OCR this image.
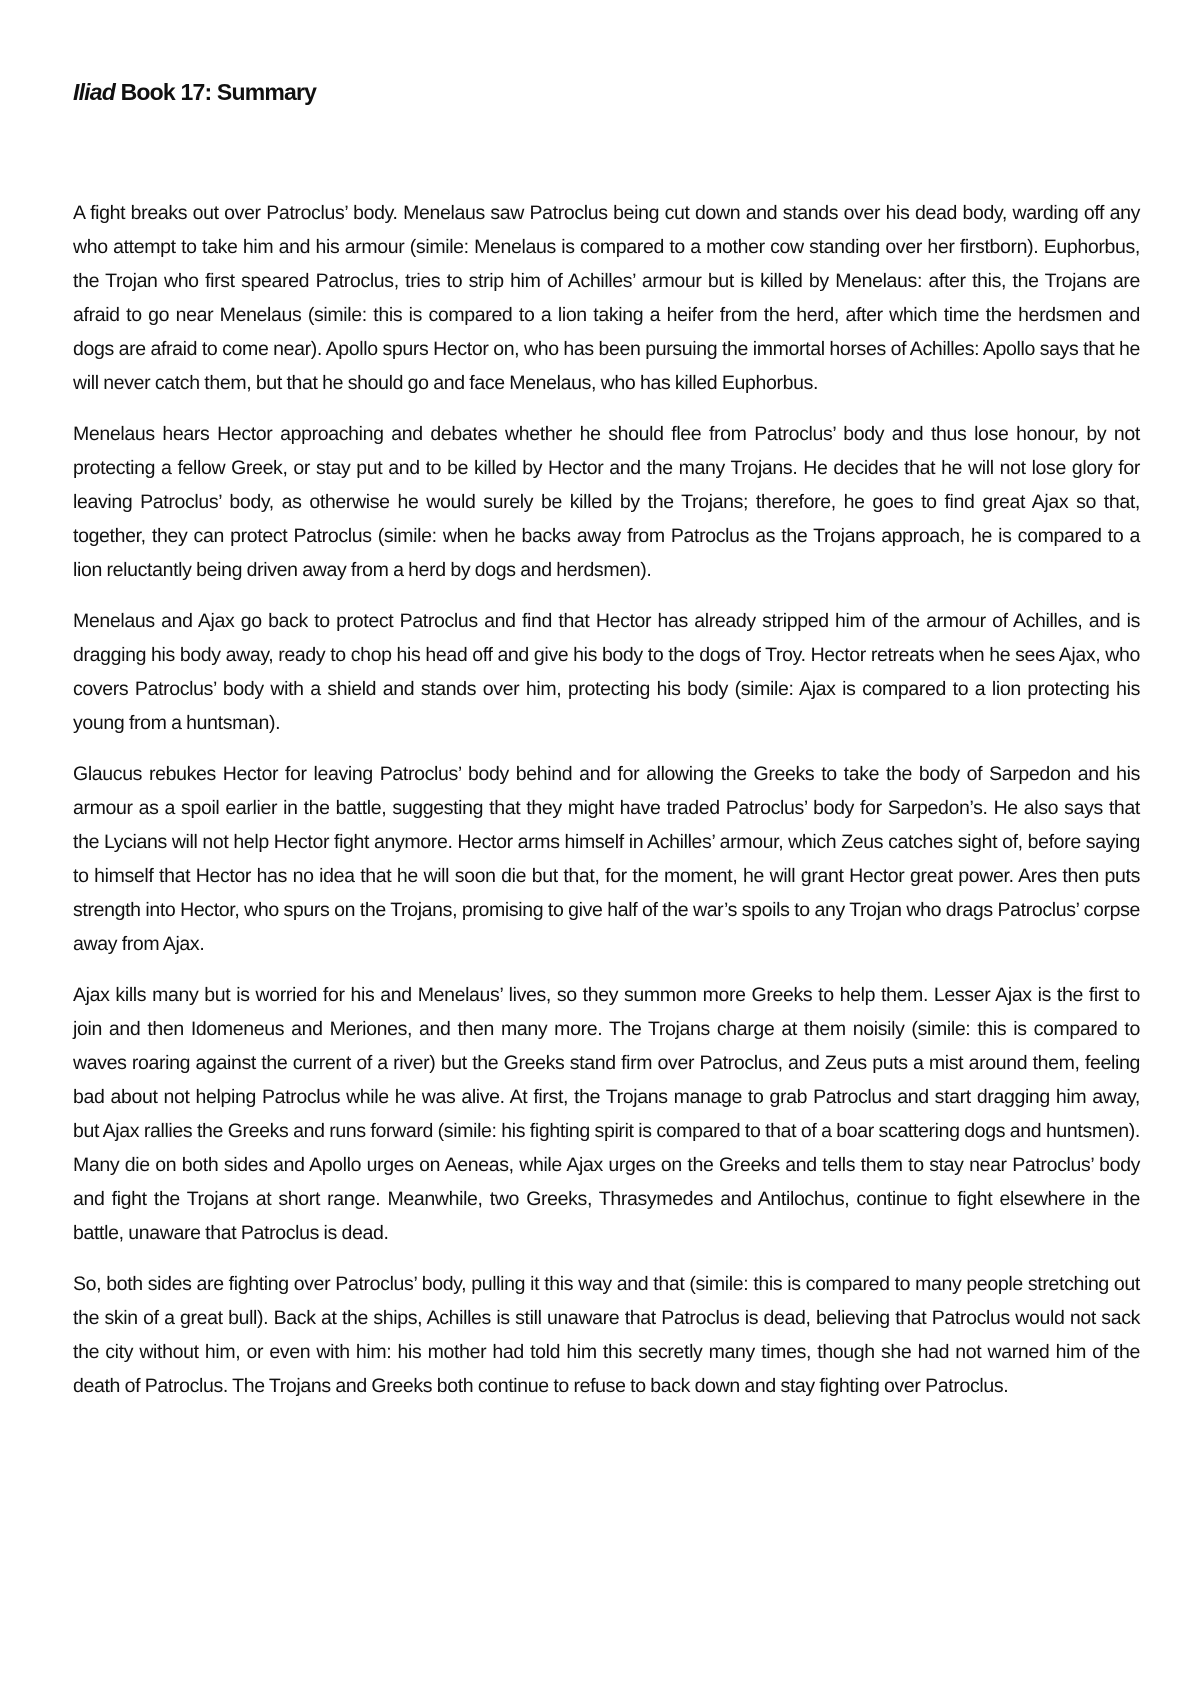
Iliad Book 17: Summary

A fight breaks out over Patroclus’ body. Menelaus saw Patroclus being cut down and stands over his dead body, warding off any who attempt to take him and his armour (simile: Menelaus is compared to a mother cow standing over her firstborn). Euphorbus, the Trojan who first speared Patroclus, tries to strip him of Achilles’ armour but is killed by Menelaus: after this, the Trojans are afraid to go near Menelaus (simile: this is compared to a lion taking a heifer from the herd, after which time the herdsmen and dogs are afraid to come near). Apollo spurs Hector on, who has been pursuing the immortal horses of Achilles: Apollo says that he will never catch them, but that he should go and face Menelaus, who has killed Euphorbus.

Menelaus hears Hector approaching and debates whether he should flee from Patroclus’ body and thus lose honour, by not protecting a fellow Greek, or stay put and to be killed by Hector and the many Trojans. He decides that he will not lose glory for leaving Patroclus’ body, as otherwise he would surely be killed by the Trojans; therefore, he goes to find great Ajax so that, together, they can protect Patroclus (simile: when he backs away from Patroclus as the Trojans approach, he is compared to a lion reluctantly being driven away from a herd by dogs and herdsmen).

Menelaus and Ajax go back to protect Patroclus and find that Hector has already stripped him of the armour of Achilles, and is dragging his body away, ready to chop his head off and give his body to the dogs of Troy. Hector retreats when he sees Ajax, who covers Patroclus’ body with a shield and stands over him, protecting his body (simile: Ajax is compared to a lion protecting his young from a huntsman).

Glaucus rebukes Hector for leaving Patroclus’ body behind and for allowing the Greeks to take the body of Sarpedon and his armour as a spoil earlier in the battle, suggesting that they might have traded Patroclus’ body for Sarpedon’s. He also says that the Lycians will not help Hector fight anymore. Hector arms himself in Achilles’ armour, which Zeus catches sight of, before saying to himself that Hector has no idea that he will soon die but that, for the moment, he will grant Hector great power. Ares then puts strength into Hector, who spurs on the Trojans, promising to give half of the war’s spoils to any Trojan who drags Patroclus’ corpse away from Ajax.

Ajax kills many but is worried for his and Menelaus’ lives, so they summon more Greeks to help them. Lesser Ajax is the first to join and then Idomeneus and Meriones, and then many more. The Trojans charge at them noisily (simile: this is compared to waves roaring against the current of a river) but the Greeks stand firm over Patroclus, and Zeus puts a mist around them, feeling bad about not helping Patroclus while he was alive. At first, the Trojans manage to grab Patroclus and start dragging him away, but Ajax rallies the Greeks and runs forward (simile: his fighting spirit is compared to that of a boar scattering dogs and huntsmen). Many die on both sides and Apollo urges on Aeneas, while Ajax urges on the Greeks and tells them to stay near Patroclus’ body and fight the Trojans at short range. Meanwhile, two Greeks, Thrasymedes and Antilochus, continue to fight elsewhere in the battle, unaware that Patroclus is dead.

So, both sides are fighting over Patroclus’ body, pulling it this way and that (simile: this is compared to many people stretching out the skin of a great bull). Back at the ships, Achilles is still unaware that Patroclus is dead, believing that Patroclus would not sack the city without him, or even with him: his mother had told him this secretly many times, though she had not warned him of the death of Patroclus. The Trojans and Greeks both continue to refuse to back down and stay fighting over Patroclus.
